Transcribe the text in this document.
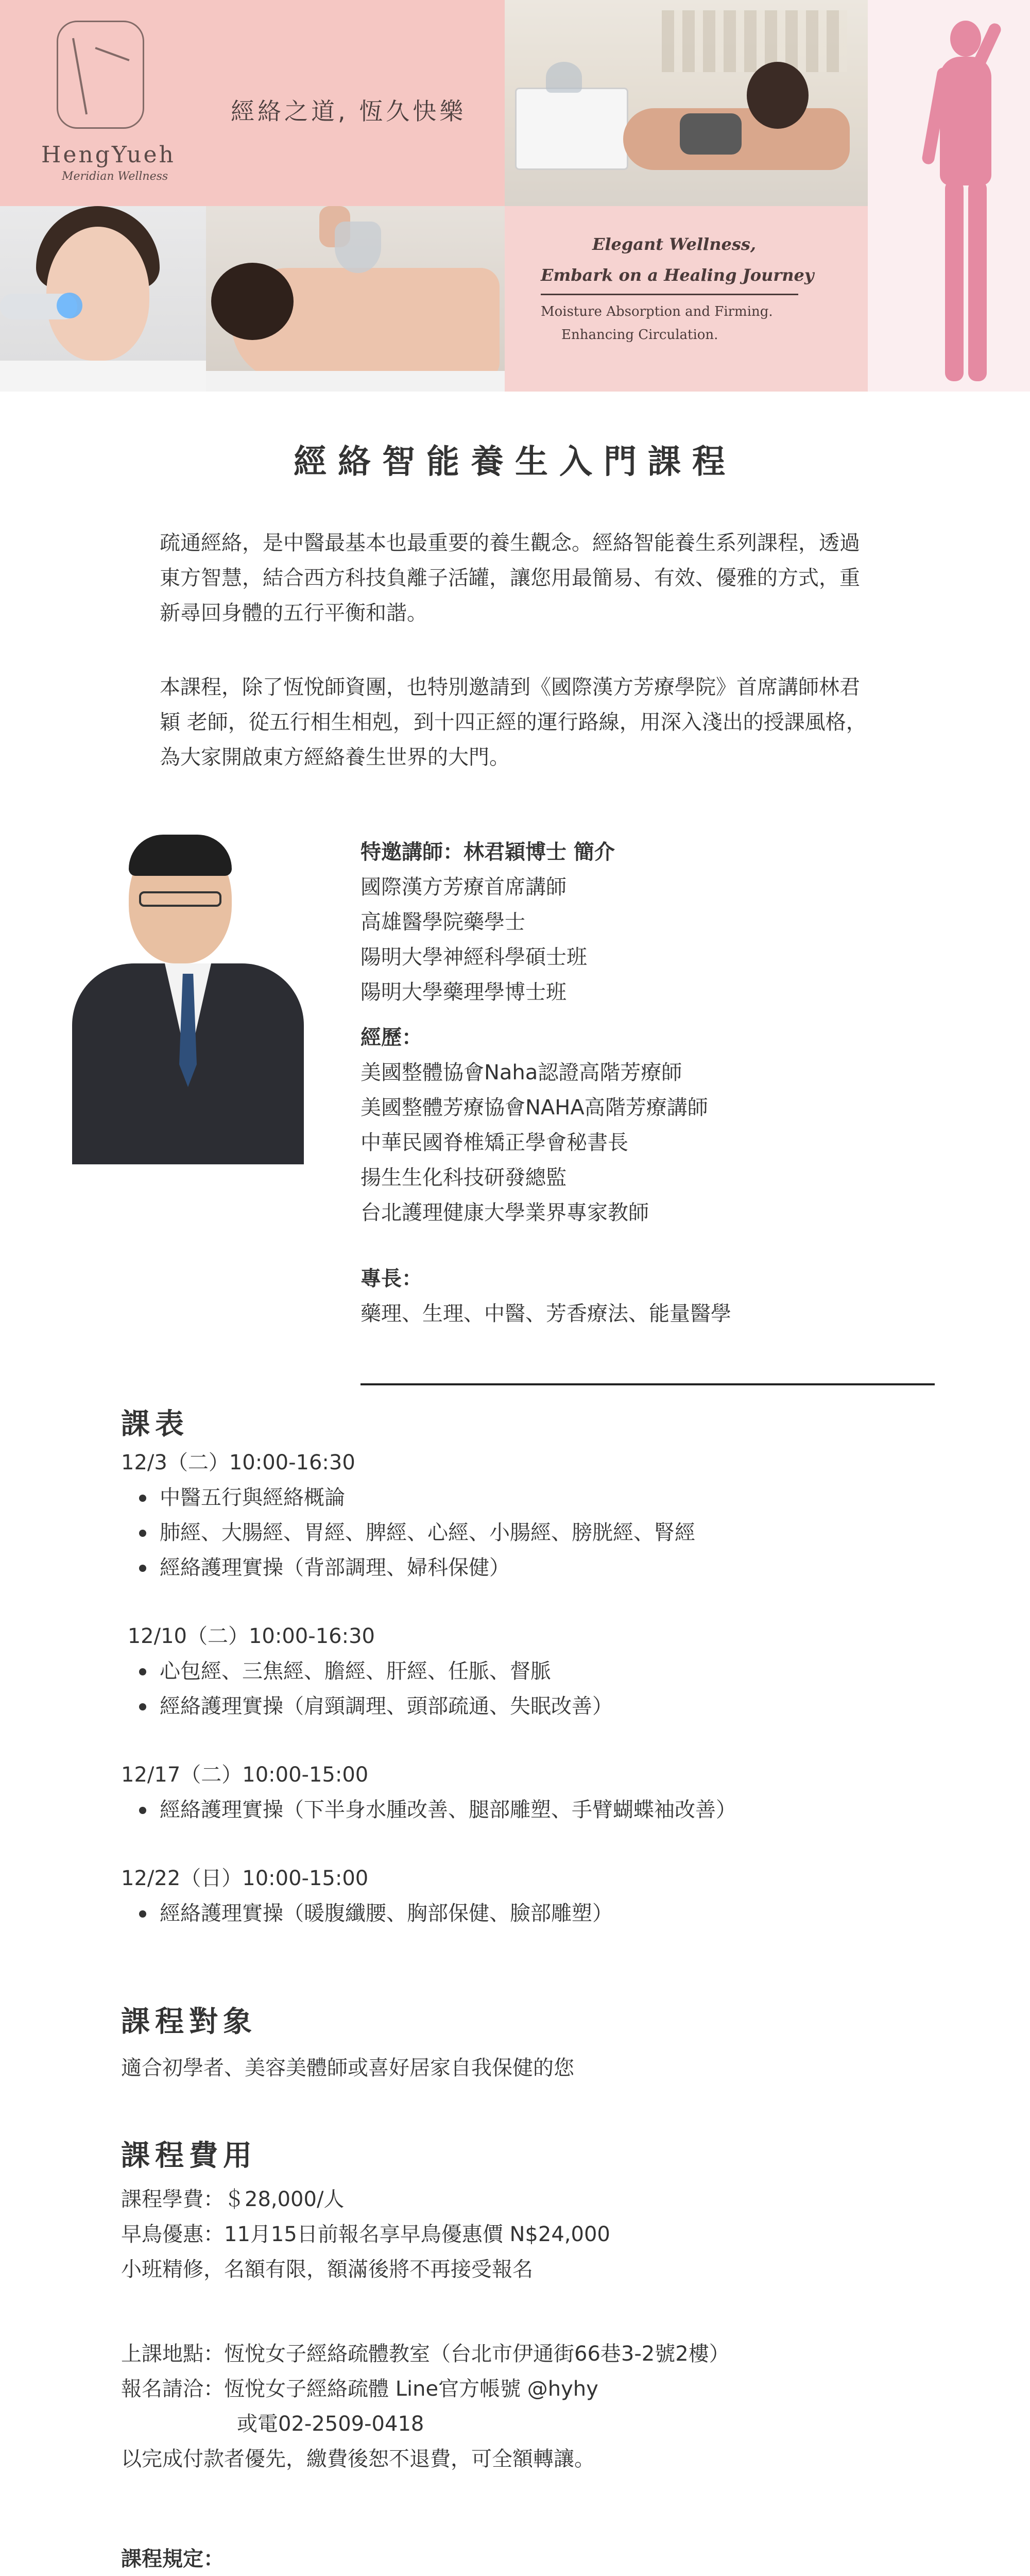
HengYueh
Meridian Wellness
經絡之道, 恆久快樂
Elegant Wellness,
Embark on a Healing Journey
Moisture Absorption and Firming.
Enhancing Circulation.
經絡智能養生入門課程

疏通經絡，是中醫最基本也最重要的養生觀念。經絡智能養生系列課程，透過東方智慧，結合西方科技負離子活罐，讓您用最簡易、有效、優雅的方式，重新尋回身體的五行平衡和諧。

本課程，除了恆悅師資團，也特別邀請到《國際漢方芳療學院》首席講師林君穎 老師，從五行相生相剋，到十四正經的運行路線，用深入淺出的授課風格，為大家開啟東方經絡養生世界的大門。

特邀講師：林君穎博士 簡介
國際漢方芳療首席講師
高雄醫學院藥學士
陽明大學神經科學碩士班
陽明大學藥理學博士班
經歷：
美國整體協會Naha認證高階芳療師
美國整體芳療協會NAHA高階芳療講師
中華民國脊椎矯正學會秘書長
揚生生化科技研發總監
台北護理健康大學業界專家教師
專長：
藥理、生理、中醫、芳香療法、能量醫學
課表
12/3（二）10:00-16:30
中醫五行與經絡概論
肺經、大腸經、胃經、脾經、心經、小腸經、膀胱經、腎經
經絡護理實操（背部調理、婦科保健）
12/10（二）10:00-16:30
心包經、三焦經、膽經、肝經、任脈、督脈
經絡護理實操（肩頸調理、頭部疏通、失眠改善）
12/17（二）10:00-15:00
經絡護理實操（下半身水腫改善、腿部雕塑、手臂蝴蝶袖改善）
12/22（日）10:00-15:00
經絡護理實操（暖腹纖腰、胸部保健、臉部雕塑）
課程對象
適合初學者、美容美體師或喜好居家自我保健的您
課程費用
課程學費：＄28,000/人
早鳥優惠：11月15日前報名享早鳥優惠價 N$24,000
小班精修，名額有限，額滿後將不再接受報名
上課地點：恆悅女子經絡疏體教室（台北市伊通街66巷3-2號2樓）
報名請洽：恆悅女子經絡疏體 Line官方帳號 @hyhy
或電02-2509-0418
以完成付款者優先，繳費後恕不退費，可全額轉讓。
課程規定：
